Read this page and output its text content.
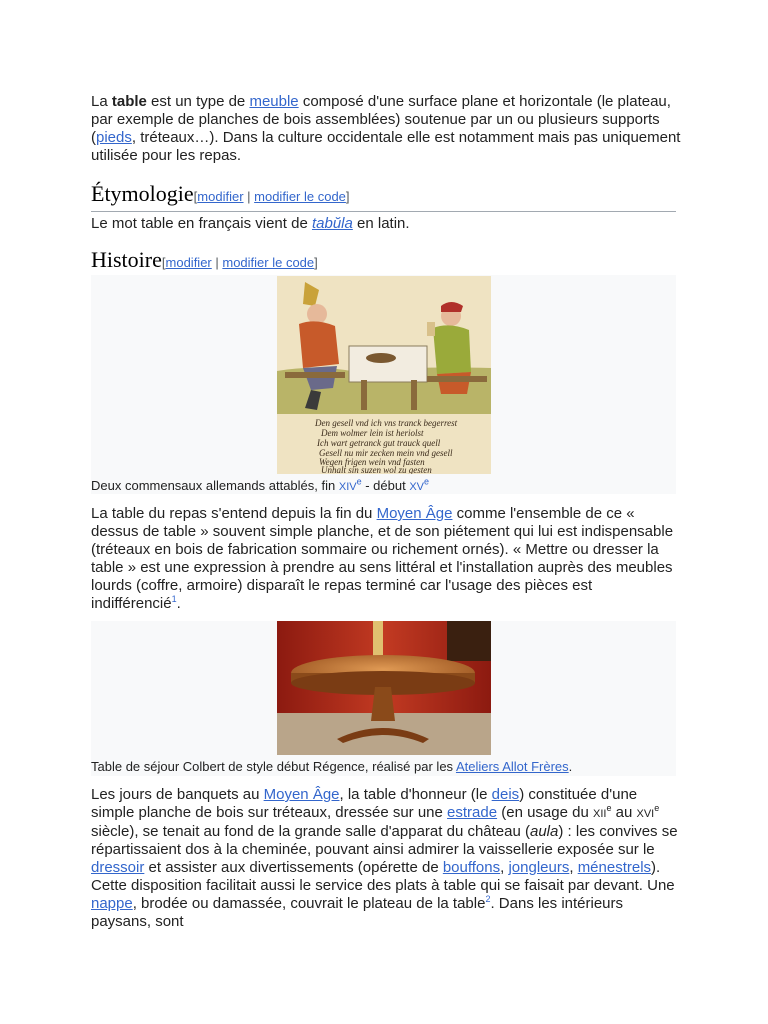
La table est un type de meuble composé d'une surface plane et horizontale (le plateau, par exemple de planches de bois assemblées) soutenue par un ou plusieurs supports (pieds, tréteaux…). Dans la culture occidentale elle est notamment mais pas uniquement utilisée pour les repas.

Étymologie[modifier | modifier le code]

Le mot table en français vient de tabŭla en latin.

Histoire[modifier | modifier le code]
Den gesell vnd ich vns tranck begerrest
Dem wolmer lein ist heriolst
Ich wart getranck gut trauck quell
Gesell nu mir zecken mein vnd gesell
Wegen frigen wein vnd fasten
Unhalt sin suzen wol zu gesten
Deux commensaux allemands attablés, fin XIVe - début XVe

La table du repas s'entend depuis la fin du Moyen Âge comme l'ensemble de ce « dessus de table » souvent simple planche, et de son piétement qui lui est indispensable (tréteaux en bois de fabrication sommaire ou richement ornés). « Mettre ou dresser la table » est une expression à prendre au sens littéral et l'installation auprès des meubles lourds (coffre, armoire) disparaît le repas terminé car l'usage des pièces est indifférencié$^1$.

Table de séjour Colbert de style début Régence, réalisé par les Ateliers Allot Frères.

Les jours de banquets au Moyen Âge, la table d'honneur (le deis) constituée d'une simple planche de bois sur tréteaux, dressée sur une estrade (en usage du XIIe au XVIe siècle), se tenait au fond de la grande salle d'apparat du château (aula) : les convives se répartissaient dos à la cheminée, pouvant ainsi admirer la vaissellerie exposée sur le dressoir et assister aux divertissements (opérette de bouffons, jongleurs, ménestrels). Cette disposition facilitait aussi le service des plats à table qui se faisait par devant. Une nappe, brodée ou damassée, couvrait le plateau de la table$^2$. Dans les intérieurs paysans, sont
